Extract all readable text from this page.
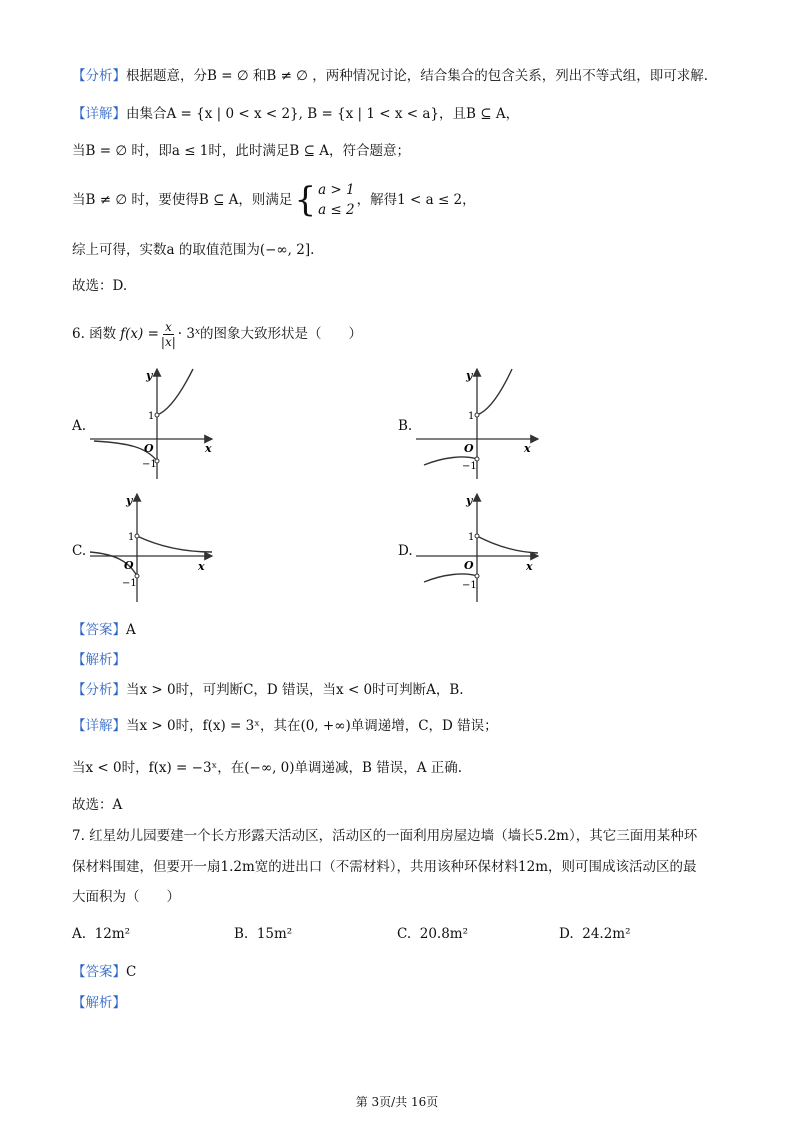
【分析】根据题意，分B = ∅ 和B ≠ ∅ ，两种情况讨论，结合集合的包含关系，列出不等式组，即可求解.
【详解】由集合A = {x | 0 < x < 2}, B = {x | 1 < x < a}，且B ⊆ A，
当B = ∅ 时，即a ≤ 1时，此时满足B ⊆ A，符合题意；
当B ≠ ∅ 时，要使得B ⊆ A，则满足 { a > 1
a ≤ 2
，解得1 < a ≤ 2，
综上可得，实数a 的取值范围为(−∞, 2].
故选：D.
6. 函数 $f(x) = \frac{x}{|x|} \cdot 3$ x 的图象大致形状是（　　）
A.	B.
C.	D.
y
x
O
1
−1
y
x
O
1
−1
y
x
O
1
−1
y
x
O
1
−1
【答案】A
【解析】
【分析】当x > 0时，可判断C，D 错误，当x < 0时可判断A，B.
【详解】当x > 0时，f(x) = 3ˣ，其在(0, +∞)单调递增，C，D 错误；
当x < 0时，f(x) = −3ˣ，在(−∞, 0)单调递减，B 错误，A 正确.
故选：A
7. 红星幼儿园要建一个长方形露天活动区，活动区的一面利用房屋边墙（墙长5.2m），其它三面用某种环
保材料围建，但要开一扇1.2m宽的进出口（不需材料），共用该种环保材料12m，则可围成该活动区的最
大面积为（　　）
A. 12m²	B. 15m²	C. 20.8m²	D. 24.2m²
【答案】C
【解析】
第 3页/共 16页
